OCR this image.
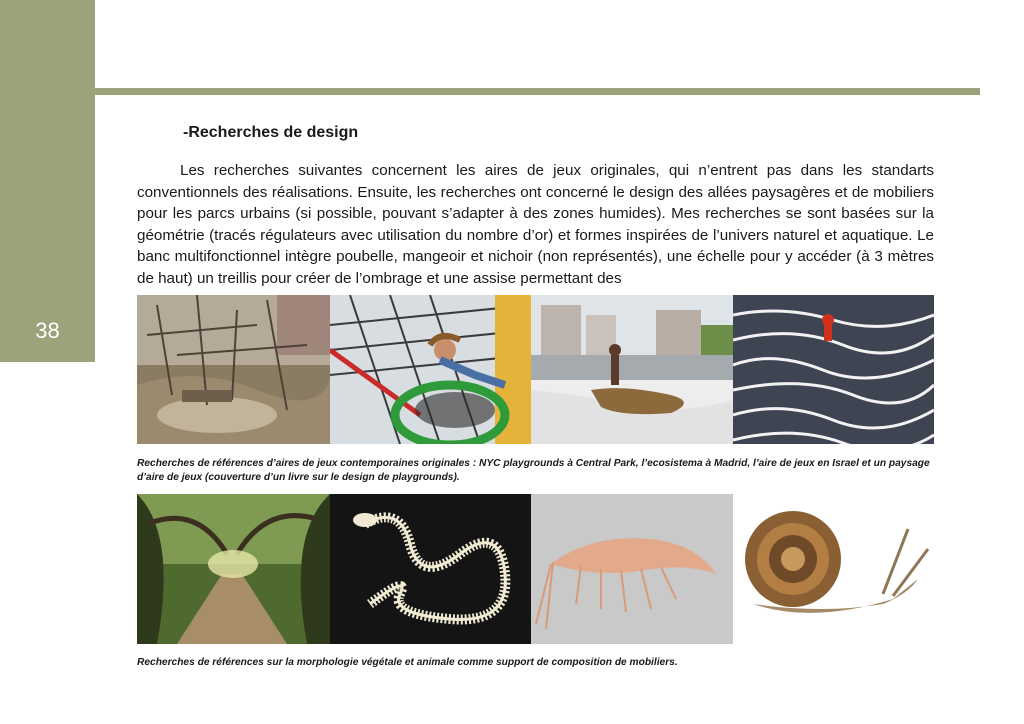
38
-Recherches de design

Les recherches suivantes concernent les aires de jeux originales, qui n’entrent pas dans les standarts conventionnels des réalisations. Ensuite, les recherches ont concerné le design des allées paysagères et de mobiliers pour les parcs urbains (si possible, pouvant s’adapter à des zones humides). Mes recherches se sont basées sur la géométrie (tracés régulateurs avec utilisation du nombre d’or) et formes inspirées de l’univers naturel et aquatique. Le banc multifonctionnel intègre poubelle, mangeoir et nichoir (non représentés), une échelle pour y accéder (à 3 mètres de haut) un treillis pour créer de l’ombrage et une assise permettant des

Recherches de références d’aires de jeux contemporaines originales : NYC playgrounds à Central Park, l’ecosistema à Madrid, l’aire de jeux en Israel et un paysage d’aire de jeux (couverture d’un livre sur le design de playgrounds).

Recherches de références sur la morphologie végétale et animale comme support de composition de mobiliers.
